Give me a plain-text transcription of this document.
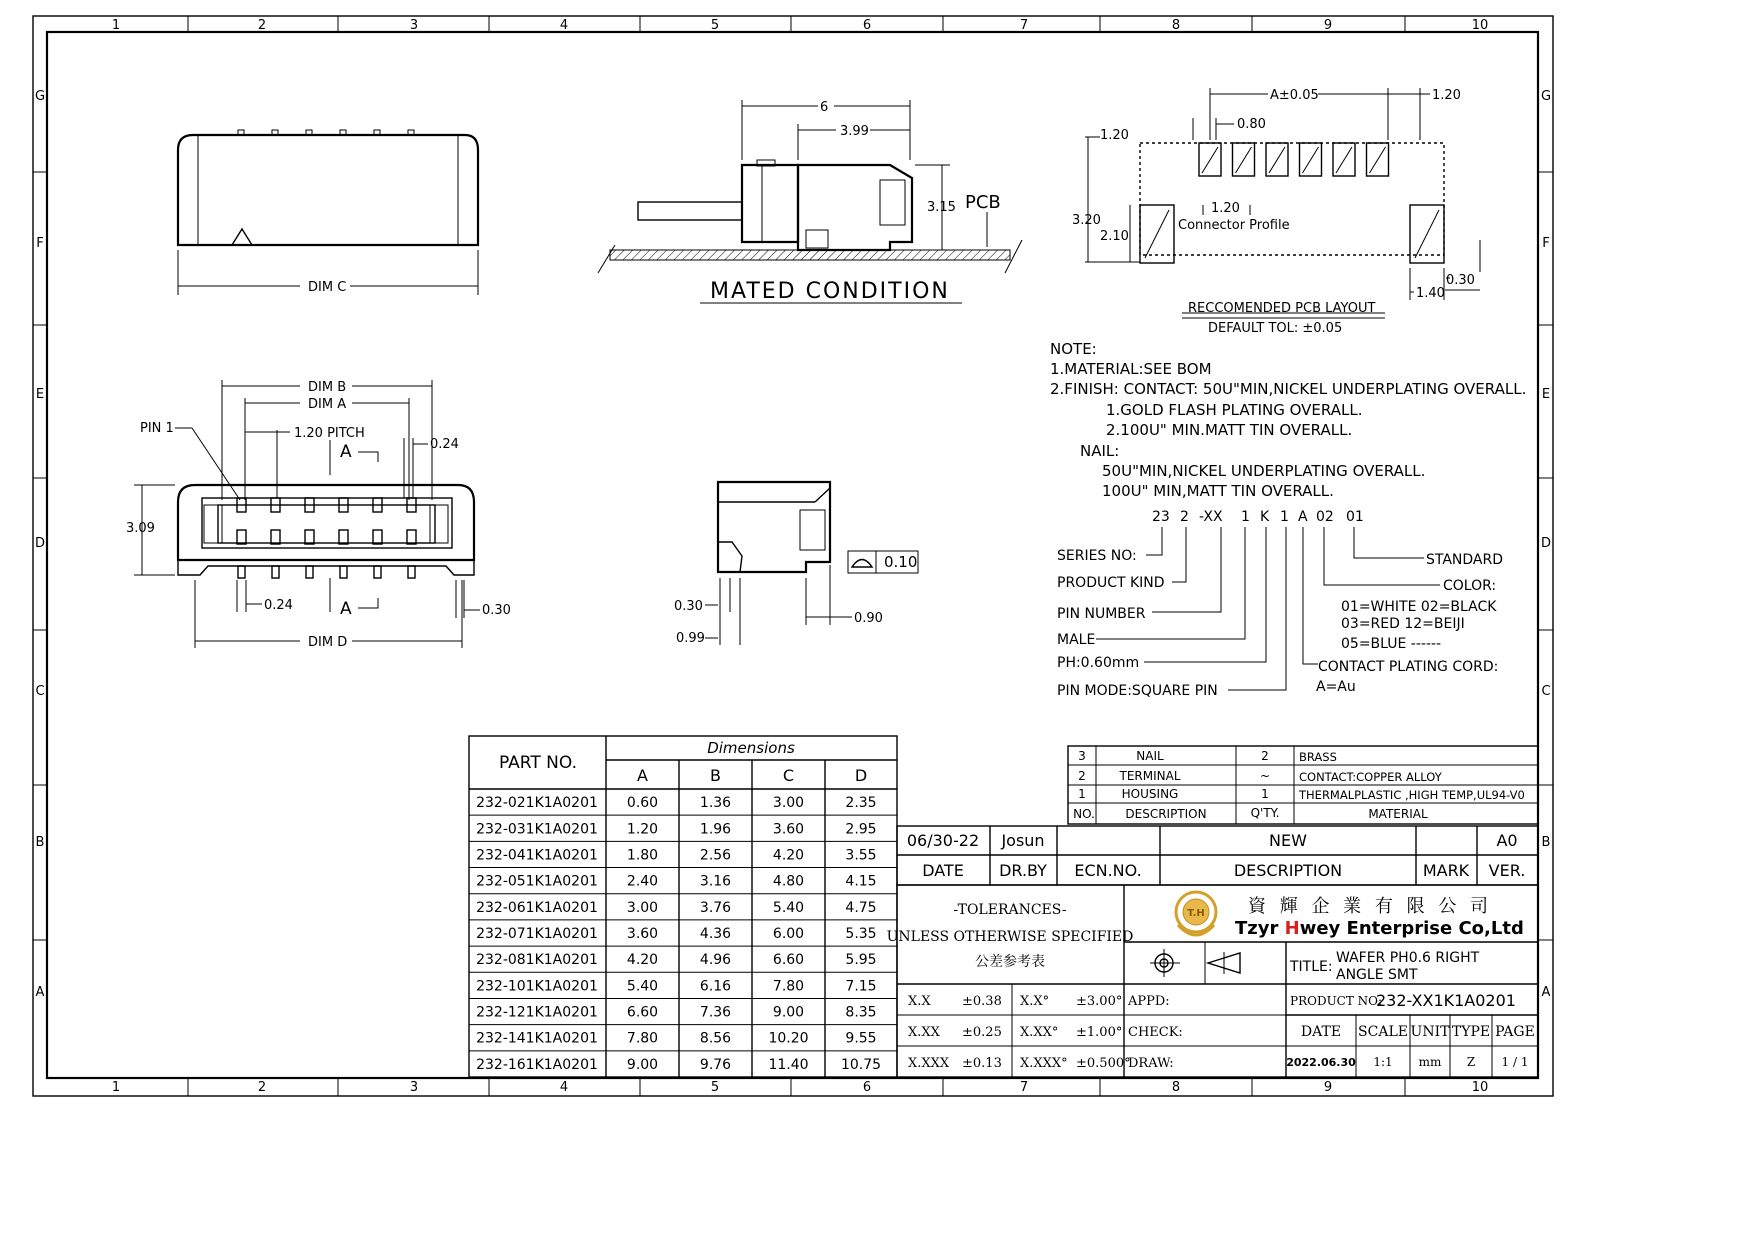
1
1
2
2
3
3
4
4
5
5
6
6
7
7
8
8
9
9
10
10
G	G
F	F
E	E
D	D
C	C
B	B
A	A
DIM C
DIM B
DIM A
PIN 1	1.20 PITCH
0.24
3.09
A
A
0.24	0.30
DIM D
6
3.99
3.15 PCB
MATED CONDITION
0.10
0.30
0.99
0.90
A±0.05	1.20
1.20
0.80
1.20
Connector Profile
3.20
2.10
0.30
1.40
RECCOMENDED PCB LAYOUT
DEFAULT TOL: ±0.05
NOTE:
1.MATERIAL:SEE BOM
2.FINISH: CONTACT: 50U"MIN,NICKEL UNDERPLATING OVERALL.
1.GOLD FLASH PLATING OVERALL.
2.100U" MIN.MATT TIN OVERALL.
NAIL:
50U"MIN,NICKEL UNDERPLATING OVERALL.
100U" MIN,MATT TIN OVERALL.
23 2 -XX 1 K 1 A 02 01
SERIES NO:
PRODUCT KIND
PIN NUMBER
MALE
PH:0.60mm
PIN MODE:SQUARE PIN
STANDARD
COLOR:
01=WHITE 02=BLACK
03=RED 12=BEIJI
05=BLUE ------
CONTACT PLATING CORD:
A=Au
PART NO.
Dimensions
A	B	C	D
232-021K1A0201 0.60	1.36	3.00	2.35
232-031K1A0201 1.20	1.96	3.60	2.95
232-041K1A0201 1.80	2.56	4.20	3.55
232-051K1A0201 2.40	3.16	4.80	4.15
232-061K1A0201 3.00	3.76	5.40	4.75
232-071K1A0201 3.60	4.36	6.00	5.35
232-081K1A0201 4.20	4.96	6.60	5.95
232-101K1A0201 5.40	6.16	7.80	7.15
232-121K1A0201 6.60	7.36	9.00	8.35
232-141K1A0201 7.80	8.56	10.20	9.55
232-161K1A0201 9.00	9.76	11.40 10.75
3	NAIL	2	BRASS
2	TERMINAL	~	CONTACT:COPPER ALLOY
1	HOUSING	1	THERMALPLASTIC ,HIGH TEMP,UL94-V0
NO.	DESCRIPTION	Q'TY.	MATERIAL
06/30-22 Josun	NEW	A0
DATE DR.BY ECN.NO.	DESCRIPTION	MARK VER.
-TOLERANCES-
UNLESS OTHERWISE SPECIFIED
公差参考表
T.H 資 輝 企 業 有 限 公 司
Tzyr Hwey Enterprise Co,Ltd
TITLE:
WAFER PH0.6 RIGHT
ANGLE SMT
PRODUCT NO:
232-XX1K1A0201
X.X ±0.38 X.X° ±3.00° APPD:
X.XX ±0.25 X.XX° ±1.00° CHECK:
X.XXX ±0.13 X.XXX° ±0.500°
DRAW:
DATE SCALE UNIT TYPE PAGE
2022.06.30 1:1 mm Z 1 / 1
